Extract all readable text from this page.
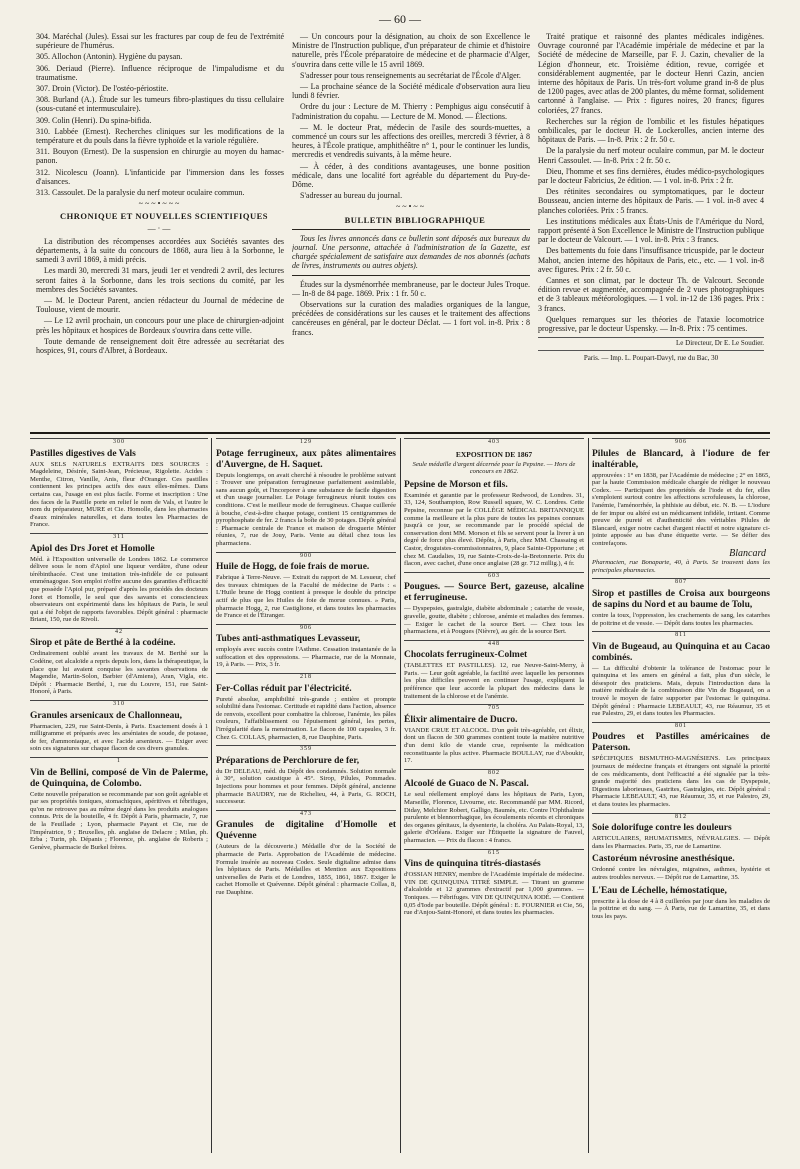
— 60 —

304. Maréchal (Jules). Essai sur les fractures par coup de feu de l'extrémité supérieure de l'humérus.

305. Allochon (Antonin). Hygiène du paysan.

306. Deriaud (Pierre). Influence réciproque de l'impaludisme et du traumatisme.

307. Droin (Victor). De l'ostéo-périostite.

308. Burland (A.). Étude sur les tumeurs fibro-plastiques du tissu cellulaire (sous-cutané et intermusculaire).

309. Colin (Henri). Du spina-bifida.

310. Labbée (Ernest). Recherches cliniques sur les modifications de la température et du pouls dans la fièvre typhoïde et la variole régulière.

311. Bouyon (Ernest). De la suspension en chirurgie au moyen du hamac-panon.

312. Nicolescu (Joann). L'infanticide par l'immersion dans les fosses d'aisances.

313. Cassoulet. De la paralysie du nerf moteur oculaire commun.

~~~•~~~

CHRONIQUE ET NOUVELLES SCIENTIFIQUES

—·—

La distribution des récompenses accordées aux Sociétés savantes des départements, à la suite du concours de 1868, aura lieu à la Sorbonne, le samedi 3 avril 1869, à midi précis.

Les mardi 30, mercredi 31 mars, jeudi 1er et vendredi 2 avril, des lectures seront faites à la Sorbonne, dans les trois sections du comité, par les membres des Sociétés savantes.

— M. le Docteur Parent, ancien rédacteur du Journal de médecine de Toulouse, vient de mourir.

— Le 12 avril prochain, un concours pour une place de chirurgien-adjoint près les hôpitaux et hospices de Bordeaux s'ouvrira dans cette ville.

Toute demande de renseignement doit être adressée au secrétariat des hospices, 91, cours d'Albret, à Bordeaux.

— Un concours pour la désignation, au choix de son Excellence le Ministre de l'Instruction publique, d'un préparateur de chimie et d'histoire naturelle, près l'École préparatoire de médecine et de pharmacie d'Alger, s'ouvrira dans cette ville le 15 avril 1869.

S'adresser pour tous renseignements au secrétariat de l'École d'Alger.

— La prochaine séance de la Société médicale d'observation aura lieu lundi 8 février.

Ordre du jour : Lecture de M. Thierry : Pemphigus aigu consécutif à l'administration du copahu. — Lecture de M. Monod. — Élections.

— M. le docteur Prat, médecin de l'asile des sourds-muettes, a commencé un cours sur les affections des oreilles, mercredi 3 février, à 8 heures, à l'École pratique, amphithéâtre n° 1, pour le continuer les lundis, mercredis et vendredis suivants, à la même heure.

— À céder, à des conditions avantageuses, une bonne position médicale, dans une localité fort agréable du département du Puy-de-Dôme.

S'adresser au bureau du journal.

~~•~~

BULLETIN BIBLIOGRAPHIQUE

Tous les livres annoncés dans ce bulletin sont déposés aux bureaux du journal. Une personne, attachée à l'administration de la Gazette, est chargée spécialement de satisfaire aux demandes de nos abonnés (achats de livres, instruments ou autres objets).

Études sur la dysménorrhée membraneuse, par le docteur Jules Troque. — In-8 de 84 page. 1869. Prix : 1 fr. 50 c.

Observations sur la curation des maladies organiques de la langue, précédées de considérations sur les causes et le traitement des affections cancéreuses en général, par le docteur Déclat. — 1 fort vol. in-8. Prix : 8 francs.

Traité pratique et raisonné des plantes médicales indigènes. Ouvrage couronné par l'Académie impériale de médecine et par la Société de médecine de Marseille, par F. J. Cazin, chevalier de la Légion d'honneur, etc. Troisième édition, revue, corrigée et considérablement augmentée, par le docteur Henri Cazin, ancien interne des hôpitaux de Paris. Un très-fort volume grand in-8 de plus de 1200 pages, avec atlas de 200 plantes, du même format, solidement cartonné à l'anglaise. — Prix : figures noires, 20 francs; figures coloriées, 27 francs.

Recherches sur la région de l'ombilic et les fistules hépatiques ombilicales, par le docteur H. de Lockerolles, ancien interne des hôpitaux de Paris. — In-8. Prix : 2 fr. 50 c.

De la paralysie du nerf moteur oculaire commun, par M. le docteur Henri Cassoulet. — In-8. Prix : 2 fr. 50 c.

Dieu, l'homme et ses fins dernières, études médico-psychologiques par le docteur Fabricius, 2e édition. — 1 vol. in-8. Prix : 2 fr.

Des rétinites secondaires ou symptomatiques, par le docteur Bousseau, ancien interne des hôpitaux de Paris. — 1 vol. in-8 avec 4 planches coloriées. Prix : 5 francs.

Les institutions médicales aux États-Unis de l'Amérique du Nord, rapport présenté à Son Excellence le Ministre de l'Instruction publique par le docteur de Valcourt. — 1 vol. in-8. Prix : 3 francs.

Des battements du foie dans l'insuffisance tricuspide, par le docteur Mahot, ancien interne des hôpitaux de Paris, etc., etc. — 1 vol. in-8 avec figures. Prix : 2 fr. 50 c.

Cannes et son climat, par le docteur Th. de Valcourt. Seconde édition revue et augmentée, accompagnée de 2 vues photographiques et de 3 tableaux météorologiques. — 1 vol. in-12 de 136 pages. Prix : 3 francs.

Quelques remarques sur les théories de l'ataxie locomotrice progressive, par le docteur Uspensky. — In-8. Prix : 75 centimes.

Le Directeur, Dr E. Le Soudier.
Paris. — Imp. L. Poupart-Davyl, rue du Bac, 30
300
Pastilles digestives de Vals

AUX SELS NATURELS EXTRAITS DES SOURCES : Magdeleine, Désirée, Saint-Jean, Précieuse, Rigolette. Acides : Menthe, Citron, Vanille, Anis, fleur d'Oranger. Ces pastilles contiennent les principes actifs des eaux elles-mêmes. Dans certains cas, l'usage en est plus facile. Forme et inscription : Une des faces de la Pastille porte en relief le nom de Vals, et l'autre le nom du préparateur, MURE et Cie. Homolle, dans les pharmacies d'eaux minérales naturelles, et dans toutes les Pharmacies de France.

311
Apiol des Drs Joret et Homolle

Méd. à l'Exposition universelle de Londres 1862. Le commerce délivre sous le nom d'Apiol une liqueur verdâtre, d'une odeur térébinthacée. C'est une imitation très-infidèle de ce puissant emménagogue. Son emploi n'offre aucune des garanties d'efficacité que possède l'Apiol pur, préparé d'après les procédés des docteurs Joret et Homolle, le seul que des savants et consciencieux observateurs ont expérimenté dans les hôpitaux de Paris, le seul qui a été l'objet de rapports favorables. Dépôt général : pharmacie Briant, 150, rue de Rivoli.

42
Sirop et pâte de Berthé à la codéine.

Ordinairement oublié avant les travaux de M. Berthé sur la Codéine, cet alcaloïde a repris depuis lors, dans la thérapeutique, la place que lui avaient conquise les savantes observations de Magendie, Martin-Solon, Barbier (d'Amiens), Aran, Vigla, etc. Dépôt : Pharmacie Berthé, 1, rue du Louvre, 151, rue Saint-Honoré, à Paris.

310
Granules arsenicaux de Challonneau,

Pharmacien, 229, rue Saint-Denis, à Paris. Exactement dosés à 1 milligramme et préparés avec les arséniates de soude, de potasse, de fer, d'ammoniaque, et avec l'acide arsenieux. — Exiger avec soin ces signatures sur chaque flacon de ces divers granules.

1
Vin de Bellini, composé de Vin de Palerme, de Quinquina, de Colombo.

Cette nouvelle préparation se recommande par son goût agréable et par ses propriétés toniques, stomachiques, apéritives et fébrifuges, qu'on ne retrouve pas au même degré dans les produits analogues connus. Prix de la bouteille, 4 fr. Dépôt à Paris, pharmacie, 7, rue de la Feuillade ; Lyon, pharmacie Payant et Cie, rue de l'Impératrice, 9 ; Bruxelles, ph. anglaise de Delacre ; Milan, ph. Erba ; Turin, ph. Dépanis ; Florence, ph. anglaise de Roberts ; Genève, pharmacie de Burkel frères.

129
Potage ferrugineux, aux pâtes alimentaires d'Auvergne, de H. Saquet.

Depuis longtemps, on avait cherché à résoudre le problème suivant : Trouver une préparation ferrugineuse parfaitement assimilable, sans aucun goût, et l'incorporer à une substance de facile digestion et d'un usage journalier. Le Potage ferrugineux réunit toutes ces conditions. C'est le meilleur mode de ferrugineux. Chaque cuillerée à bouche, c'est-à-dire chaque potage, contient 15 centigrammes de pyrophosphate de fer. 2 francs la boîte de 30 potages. Dépôt général : Pharmacie centrale de France et maison de droguerie Ménier réunies, 7, rue de Jouy, Paris. Vente au détail chez tous les pharmaciens.

900
Huile de Hogg, de foie frais de morue.

Fabrique à Terre-Neuve. — Extrait du rapport de M. Lesueur, chef des travaux chimiques de la Faculté de médecine de Paris : « L'Huile brune de Hogg contient à presque le double du principe actif de plus que les Huiles de foie de morue connues. » Paris, pharmacie Hogg, 2, rue Castiglione, et dans toutes les pharmacies de France et de l'Étranger.

906
Tubes anti-asthmatiques Levasseur,

employés avec succès contre l'Asthme. Cessation instantanée de la suffocation et des oppressions. — Pharmacie, rue de la Monnaie, 19, à Paris. — Prix, 3 fr.

218
Fer-Collas réduit par l'électricité.

Pureté absolue, amphibilité très-grande ; entière et prompte solubilité dans l'estomac. Certitude et rapidité dans l'action, absence de renvois, excellent pour combattre la chlorose, l'anémie, les pâles couleurs, l'affaiblissement ou l'épuisement général, les pertes, l'irrégularité dans la menstruation. Le flacon de 100 capsules, 3 fr. Chez G. COLLAS, pharmacien, 8, rue Dauphine, Paris.

359
Préparations de Perchlorure de fer,

du Dr DELEAU, méd. du Dépôt des condamnés. Solution normale à 30°, solution caustique à 45°. Sirop, Pilules, Pommades. Injections pour hommes et pour femmes. Dépôt général, ancienne pharmacie BAUDRY, rue de Richelieu, 44, à Paris, G. ROCH, successeur.

473
Granules de digitaline d'Homolle et Quévenne

(Auteurs de la découverte.) Médaille d'or de la Société de pharmacie de Paris. Approbation de l'Académie de médecine. Formule insérée au nouveau Codex. Seule digitaline admise dans les hôpitaux de Paris. Médailles et Mention aux Expositions universelles de Paris et de Londres, 1855, 1861, 1867. Exiger le cachet Homolle et Quévenne. Dépôt général : pharmacie Collas, 8, rue Dauphine.

403
EXPOSITION DE 1867

Seule médaille d'argent décernée pour la Pepsine. — Hors de concours en 1862.

Pepsine de Morson et fils.

Examinée et garantie par le professeur Redwood, de Londres. 31, 33, 124, Southampton, Row Russell square, W. C. Londres. Cette Pepsine, reconnue par le COLLÈGE MÉDICAL BRITANNIQUE comme la meilleure et la plus pure de toutes les pepsines connues jusqu'à ce jour, se recommande par le procédé spécial de conservation dont MM. Morson et fils se servent pour la livrer à un degré de force plus élevé. Dépôts, à Paris, chez MM. Chassaing et Castor, droguistes-commissionnaires, 9, place Sainte-Opportune ; et chez M. Caudalies, 19, rue Sainte-Croix-de-la-Bretonnerie. Prix du flacon, avec cachet, d'une once anglaise (28 gr. 712 millig.), 4 fr.

603
Pougues. — Source Bert, gazeuse, alcaline et ferrugineuse.

— Dyspepsies, gastralgie, diabète abdominale ; catarrhe de vessie, gravelle, goutte, diabète ; chlorose, anémie et maladies des femmes. — Exiger le cachet de la source Bert. — Chez tous les pharmaciens, et à Pougues (Nièvre), au gér. de la source Bert.

448
Chocolats ferrugineux-Colmet

(TABLETTES ET PASTILLES). 12, rue Neuve-Saint-Merry, à Paris. — Leur goût agréable, la facilité avec laquelle les personnes les plus difficiles peuvent en continuer l'usage, expliquent la préférence que leur accorde la plupart des médecins dans le traitement de la chlorose et de l'anémie.

705
Élixir alimentaire de Ducro.

VIANDE CRUE ET ALCOOL. D'un goût très-agréable, cet élixir, dont un flacon de 300 grammes contient toute la matière nutritive d'un demi kilo de viande crue, représente la médication reconstituante la plus active. Pharmacie BOULLAY, rue d'Aboukir, 17.

802
Alcoolé de Guaco de N. Pascal.

Le seul réellement employé dans les hôpitaux de Paris, Lyon, Marseille, Florence, Livourne, etc. Recommandé par MM. Ricord, Diday, Melchior Robert, Galligo, Baumès, etc. Contre l'Ophthalmie purulente et blennorrhagique, les écoulements récents et chroniques des organes génitaux, la dysenterie, la choléra. Au Palais-Royal, 13, galerie d'Orléans. Exiger sur l'Étiquette la signature de Fauvel, pharmacien. — Prix du flacon : 4 francs.

615
Vins de quinquina titrés-diastasés

d'OSSIAN HENRY, membre de l'Académie impériale de médecine. VIN DE QUINQUINA TITRÉ SIMPLE. — Titrant un gramme d'alcaloïde et 12 grammes d'extractif par 1,000 grammes. — Toniques. — Fébrifuges. VIN DE QUINQUINA IODÉ. — Contient 0,05 d'Iode par bouteille. Dépôt général : E. FOURNIER et Cie, 56, rue d'Anjou-Saint-Honoré, et dans toutes les pharmacies.

906
Pilules de Blancard, à l'iodure de fer inaltérable,

approuvées : 1° en 1838, par l'Académie de médecine ; 2° en 1865, par la haute Commission médicale chargée de rédiger le nouveau Codex. — Participant des propriétés de l'iode et du fer, elles s'emploient surtout contre les affections scrofuleuses, la chlorose, l'anémie, l'aménorrhée, la phthisie au début, etc. N. B. — L'iodure de fer impur ou altéré est un médicament infidèle, irritant. Comme preuve de pureté et d'authenticité des véritables Pilules de Blancard, exiger notre cachet d'argent réactif et notre signature ci-jointe apposée au bas d'une étiquette verte. — Se défier des contrefaçons.

Blancard

Pharmacien, rue Bonaparte, 40, à Paris. Se trouvent dans les principales pharmacies.

807
Sirop et pastilles de Croisa aux bourgeons de sapins du Nord et au baume de Tolu,

contre la toux, l'oppression, les crachements de sang, les catarrhes de poitrine et de vessie. — Dépôt dans toutes les pharmacies.

811
Vin de Bugeaud, au Quinquina et au Cacao combinés.

— La difficulté d'obtenir la tolérance de l'estomac pour le quinquina et les amers en général a fait, plus d'un siècle, le désespoir des praticiens. Mais, depuis l'introduction dans la matière médicale de la combinaison dite Vin de Bugeaud, on a trouvé le moyen de faire supporter par l'estomac le quinquina. Dépôt général : Pharmacie LEBEAULT, 43, rue Réaumur, 35 et rue Palestro, 29, et dans toutes les Pharmacies.

801
Poudres et Pastilles américaines de Paterson.

SPÉCIFIQUES BISMUTHO-MAGNÉSIENS. Les principaux journaux de médecine français et étrangers ont signalé la priorité de ces médicaments, dont l'efficacité a été signalée par la très-grande majorité des praticiens dans les cas de Dyspepsie, Digestions laborieuses, Gastrites, Gastralgies, etc. Dépôt général : Pharmacie LEBEAULT, 43, rue Réaumur, 35, et rue Palestro, 29, et dans toutes les pharmacies.

812
Soie dolorifuge contre les douleurs

ARTICULAIRES, RHUMATISMES, NÉVRALGIES. — Dépôt dans les Pharmacies. Paris, 35, rue de Lamartine.

Castoréum névrosine anesthésique.

Ordonné contre les névralgies, migraines, asthmes, hystérie et autres troubles nerveux. — Dépôt rue de Lamartine, 35.

L'Eau de Léchelle, hémostatique,

prescrite à la dose de 4 à 8 cuillerées par jour dans les maladies de la poitrine et du sang. — À Paris, rue de Lamartine, 35, et dans tous les pays.
